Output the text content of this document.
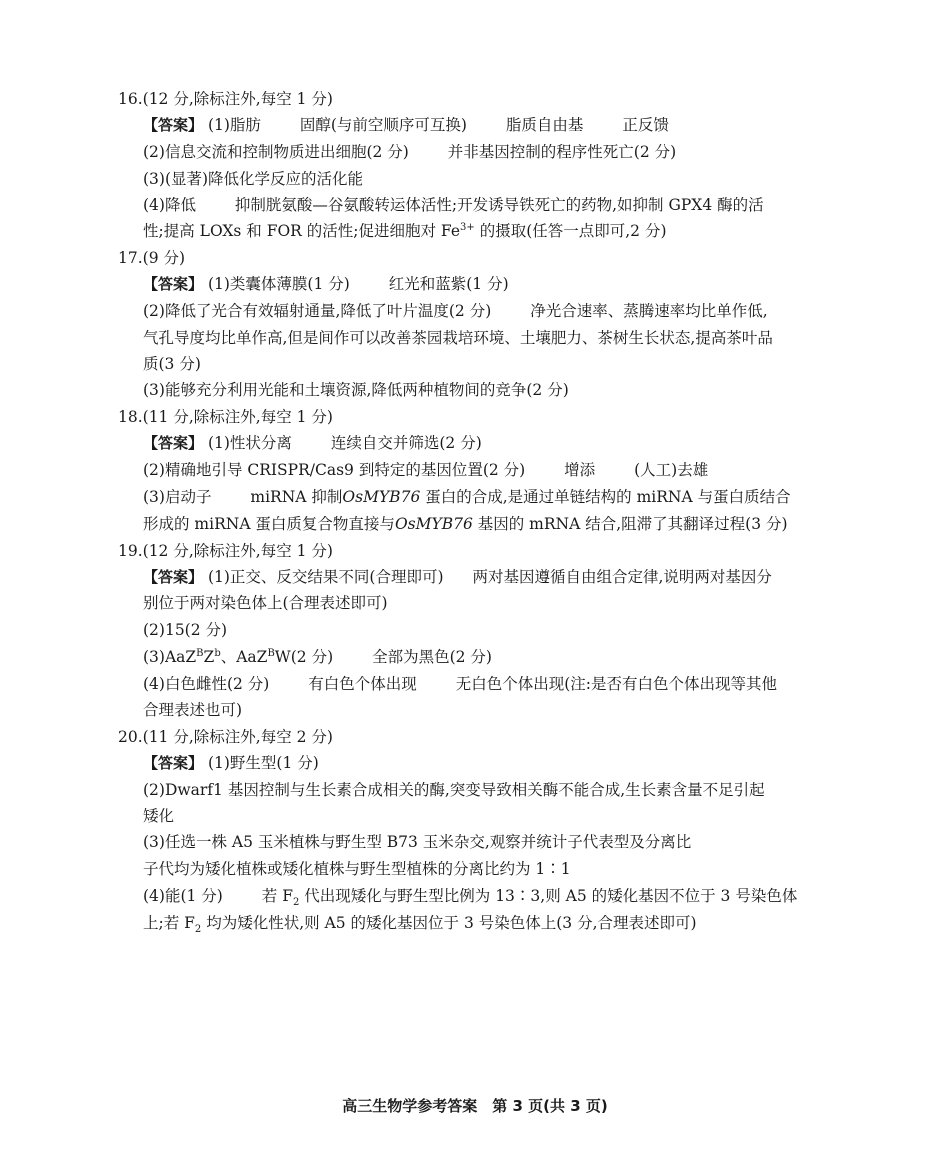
16.(12 分,除标注外,每空 1 分)
【答案】 (1)脂肪	固醇(与前空顺序可互换)	脂质自由基	正反馈
(2)信息交流和控制物质进出细胞(2 分)	并非基因控制的程序性死亡(2 分)
(3)(显著)降低化学反应的活化能
(4)降低	抑制胱氨酸—谷氨酸转运体活性;开发诱导铁死亡的药物,如抑制 GPX4 酶的活
性;提高 LOXs 和 FOR 的活性;促进细胞对 $Fe^{3+}$ 的摄取(任答一点即可,2 分)
17.(9 分)
【答案】 (1)类囊体薄膜(1 分)	红光和蓝紫(1 分)
(2)降低了光合有效辐射通量,降低了叶片温度(2 分)	净光合速率、蒸腾速率均比单作低,
气孔导度均比单作高,但是间作可以改善茶园栽培环境、土壤肥力、茶树生长状态,提高茶叶品
质(3 分)
(3)能够充分利用光能和土壤资源,降低两种植物间的竞争(2 分)
18.(11 分,除标注外,每空 1 分)
【答案】 (1)性状分离	连续自交并筛选(2 分)
(2)精确地引导 CRISPR/Cas9 到特定的基因位置(2 分)	增添	(人工)去雄
(3)启动子	miRNA 抑制OsMYB76 蛋白的合成,是通过单链结构的 miRNA 与蛋白质结合
形成的 miRNA 蛋白质复合物直接与OsMYB76 基因的 mRNA 结合,阻滞了其翻译过程(3 分)
19.(12 分,除标注外,每空 1 分)
【答案】 (1)正交、反交结果不同(合理即可) 两对基因遵循自由组合定律,说明两对基因分
别位于两对染色体上(合理表述即可)
(2)15(2 分)
$(3)AaZ^BZ^b$、AaZ$^B$W(2 分)	全部为黑色(2 分)
(4)白色雌性(2 分)	有白色个体出现	无白色个体出现(注:是否有白色个体出现等其他
合理表述也可)
20.(11 分,除标注外,每空 2 分)
【答案】 (1)野生型(1 分)
(2)Dwarf1 基因控制与生长素合成相关的酶,突变导致相关酶不能合成,生长素含量不足引起
矮化
(3)任选一株 A5 玉米植株与野生型 B73 玉米杂交,观察并统计子代表型及分离比
子代均为矮化植株或矮化植株与野生型植株的分离比约为 1∶1
(4)能(1 分)	若 $F_2$ 代出现矮化与野生型比例为 13∶3,则 A5 的矮化基因不位于 3 号染色体
上;若 $F_2$ 均为矮化性状,则 A5 的矮化基因位于 3 号染色体上(3 分,合理表述即可)
高三生物学参考答案　第 3 页(共 3 页)
